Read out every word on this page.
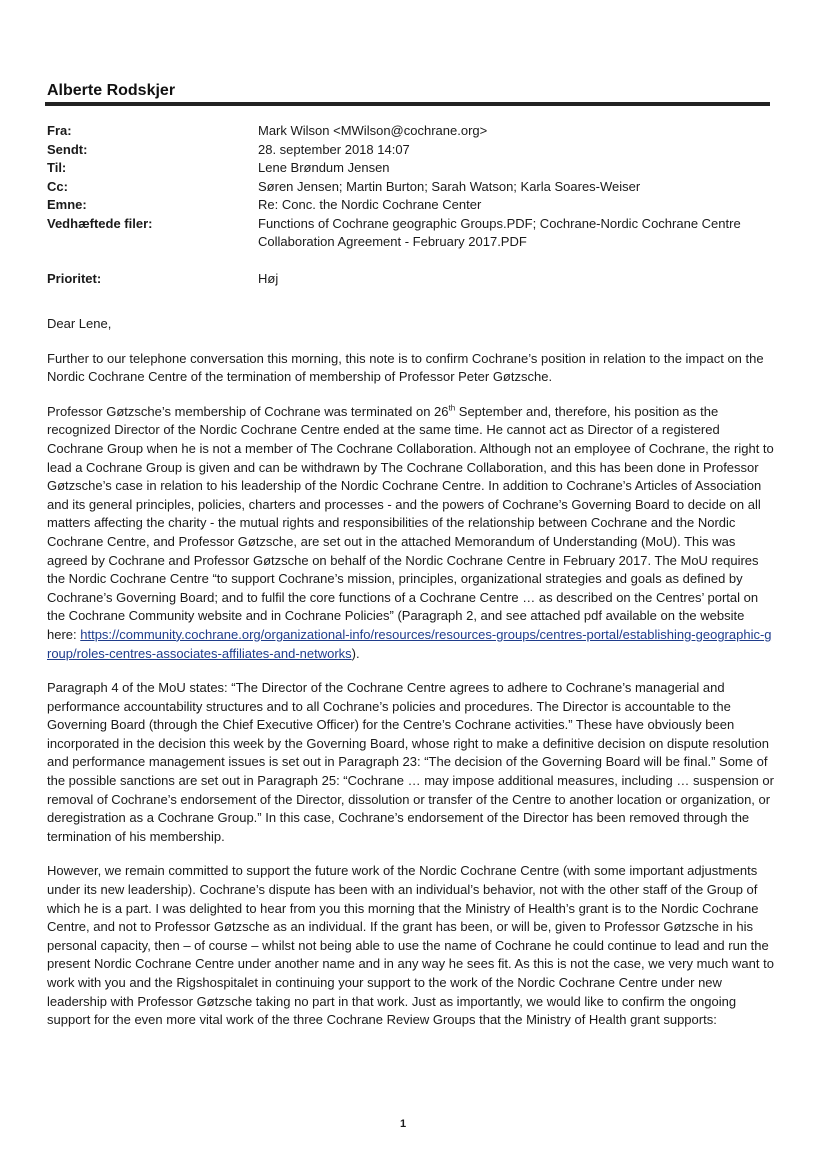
Alberte Rodskjer
Fra:	Mark Wilson <MWilson@cochrane.org>
Sendt:	28. september 2018 14:07
Til:	Lene Brøndum Jensen
Cc:	Søren Jensen; Martin Burton; Sarah Watson; Karla Soares-Weiser
Emne:	Re: Conc. the Nordic Cochrane Center
Vedhæftede filer:	Functions of Cochrane geographic Groups.PDF; Cochrane-Nordic Cochrane Centre Collaboration Agreement - February 2017.PDF
Prioritet:	Høj

Dear Lene,

Further to our telephone conversation this morning, this note is to confirm Cochrane’s position in relation to the impact on the Nordic Cochrane Centre of the termination of membership of Professor Peter Gøtzsche.

Professor Gøtzsche’s membership of Cochrane was terminated on 26th September and, therefore, his position as the recognized Director of the Nordic Cochrane Centre ended at the same time. He cannot act as Director of a registered Cochrane Group when he is not a member of The Cochrane Collaboration. Although not an employee of Cochrane, the right to lead a Cochrane Group is given and can be withdrawn by The Cochrane Collaboration, and this has been done in Professor Gøtzsche’s case in relation to his leadership of the Nordic Cochrane Centre. In addition to Cochrane’s Articles of Association and its general principles, policies, charters and processes - and the powers of Cochrane’s Governing Board to decide on all matters affecting the charity - the mutual rights and responsibilities of the relationship between Cochrane and the Nordic Cochrane Centre, and Professor Gøtzsche, are set out in the attached Memorandum of Understanding (MoU). This was agreed by Cochrane and Professor Gøtzsche on behalf of the Nordic Cochrane Centre in February 2017. The MoU requires the Nordic Cochrane Centre “to support Cochrane’s mission, principles, organizational strategies and goals as defined by Cochrane’s Governing Board; and to fulfil the core functions of a Cochrane Centre … as described on the Centres’ portal on the Cochrane Community website and in Cochrane Policies” (Paragraph 2, and see attached pdf available on the website here: https://community.cochrane.org/organizational-info/resources/resources-groups/centres-portal/establishing-geographic-group/roles-centres-associates-affiliates-and-networks).

Paragraph 4 of the MoU states: “The Director of the Cochrane Centre agrees to adhere to Cochrane’s managerial and performance accountability structures and to all Cochrane’s policies and procedures. The Director is accountable to the Governing Board (through the Chief Executive Officer) for the Centre’s Cochrane activities.” These have obviously been incorporated in the decision this week by the Governing Board, whose right to make a definitive decision on dispute resolution and performance management issues is set out in Paragraph 23: “The decision of the Governing Board will be final.” Some of the possible sanctions are set out in Paragraph 25: “Cochrane … may impose additional measures, including … suspension or removal of Cochrane’s endorsement of the Director, dissolution or transfer of the Centre to another location or organization, or deregistration as a Cochrane Group.” In this case, Cochrane’s endorsement of the Director has been removed through the termination of his membership.

However, we remain committed to support the future work of the Nordic Cochrane Centre (with some important adjustments under its new leadership). Cochrane’s dispute has been with an individual’s behavior, not with the other staff of the Group of which he is a part. I was delighted to hear from you this morning that the Ministry of Health’s grant is to the Nordic Cochrane Centre, and not to Professor Gøtzsche as an individual. If the grant has been, or will be, given to Professor Gøtzsche in his personal capacity, then – of course – whilst not being able to use the name of Cochrane he could continue to lead and run the present Nordic Cochrane Centre under another name and in any way he sees fit. As this is not the case, we very much want to work with you and the Rigshospitalet in continuing your support to the work of the Nordic Cochrane Centre under new leadership with Professor Gøtzsche taking no part in that work. Just as importantly, we would like to confirm the ongoing support for the even more vital work of the three Cochrane Review Groups that the Ministry of Health grant supports:

1
